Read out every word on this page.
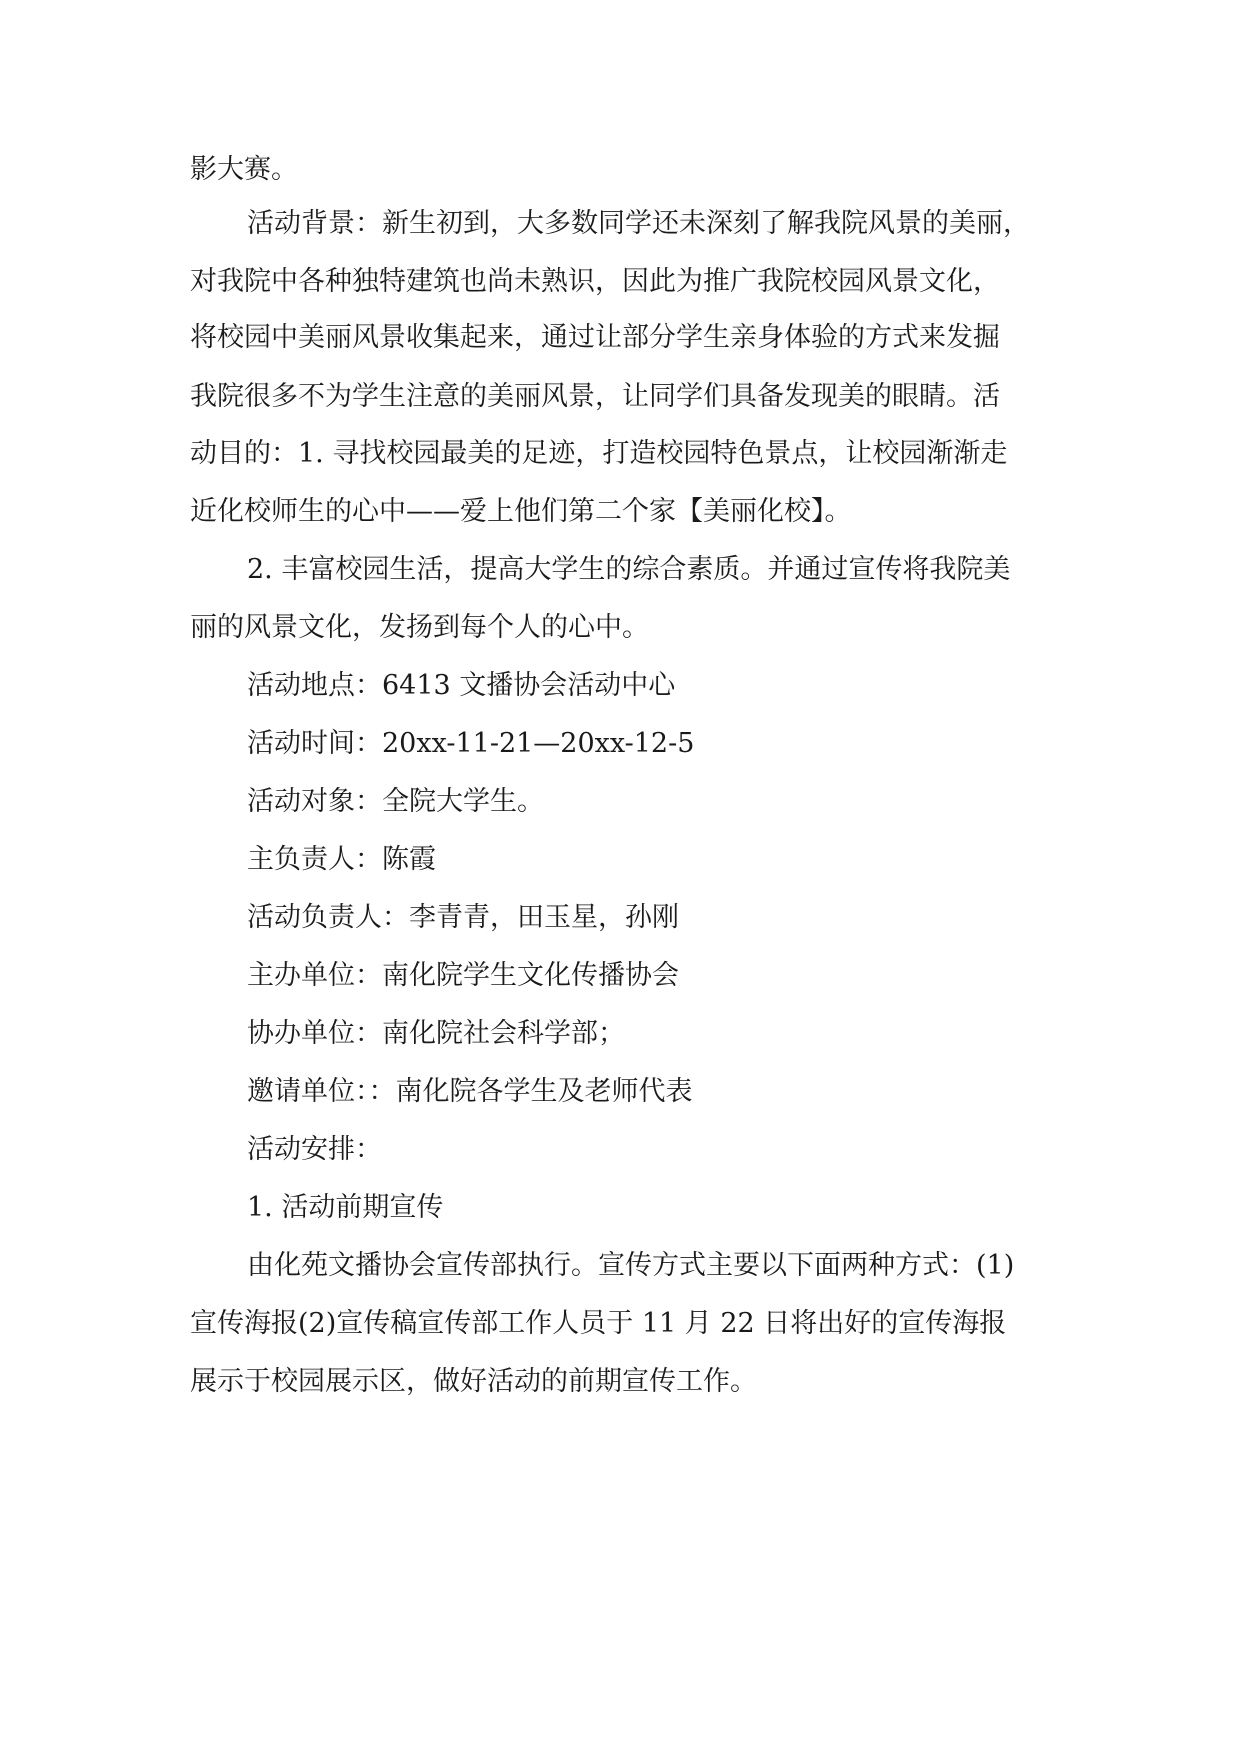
影大赛。
活动背景：新生初到，大多数同学还未深刻了解我院风景的美丽，
对我院中各种独特建筑也尚未熟识，因此为推广我院校园风景文化，
将校园中美丽风景收集起来，通过让部分学生亲身体验的方式来发掘
我院很多不为学生注意的美丽风景，让同学们具备发现美的眼睛。活
动目的：1. 寻找校园最美的足迹，打造校园特色景点，让校园渐渐走
近化校师生的心中——爱上他们第二个家【美丽化校】。
2. 丰富校园生活，提高大学生的综合素质。并通过宣传将我院美
丽的风景文化，发扬到每个人的心中。
活动地点：6413 文播协会活动中心
活动时间：20xx-11-21—20xx-12-5
活动对象：全院大学生。
主负责人：陈霞
活动负责人：李青青，田玉星，孙刚
主办单位：南化院学生文化传播协会
协办单位：南化院社会科学部；
邀请单位：：南化院各学生及老师代表
活动安排：
1. 活动前期宣传
由化苑文播协会宣传部执行。宣传方式主要以下面两种方式：(1)
宣传海报(2)宣传稿宣传部工作人员于 11 月 22 日将出好的宣传海报
展示于校园展示区，做好活动的前期宣传工作。
